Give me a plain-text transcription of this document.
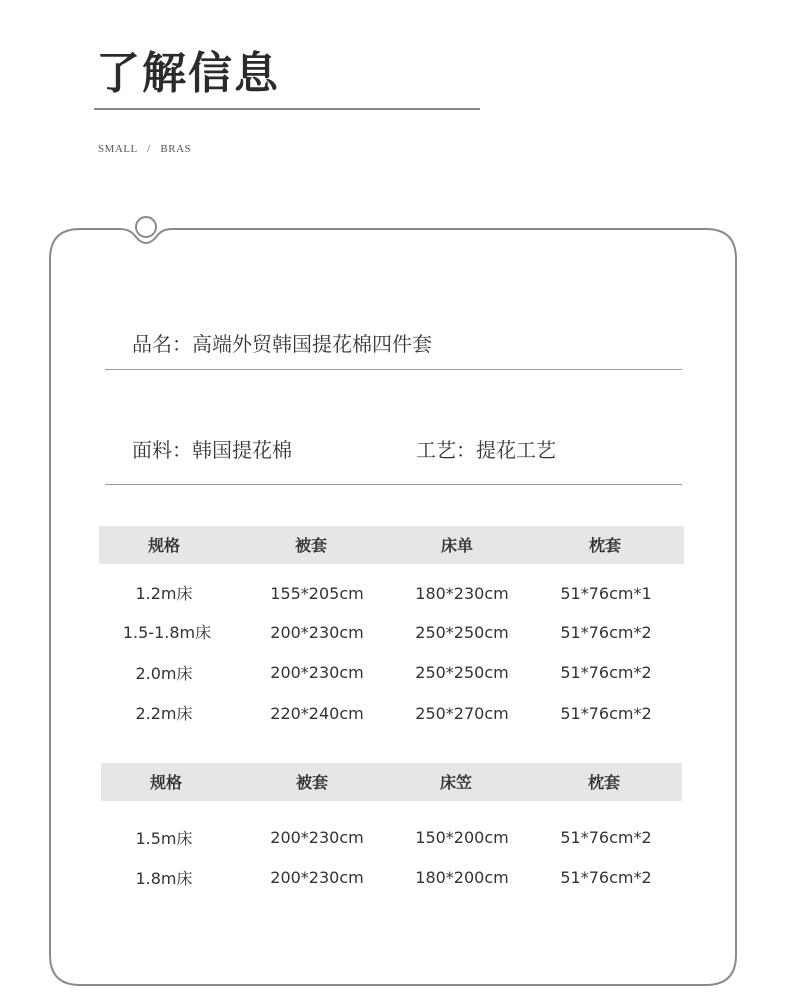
了解信息
SMALL   /   BRAS
品名：高端外贸韩国提花棉四件套
面料：韩国提花棉	工艺：提花工艺
规格	被套	床单	枕套
1.2m床	155*205cm	180*230cm	51*76cm*1
1.5-1.8m床	200*230cm	250*250cm	51*76cm*2
2.0m床	200*230cm	250*250cm	51*76cm*2
2.2m床	220*240cm	250*270cm	51*76cm*2
规格	被套	床笠	枕套
1.5m床	200*230cm	150*200cm	51*76cm*2
1.8m床	200*230cm	180*200cm	51*76cm*2
